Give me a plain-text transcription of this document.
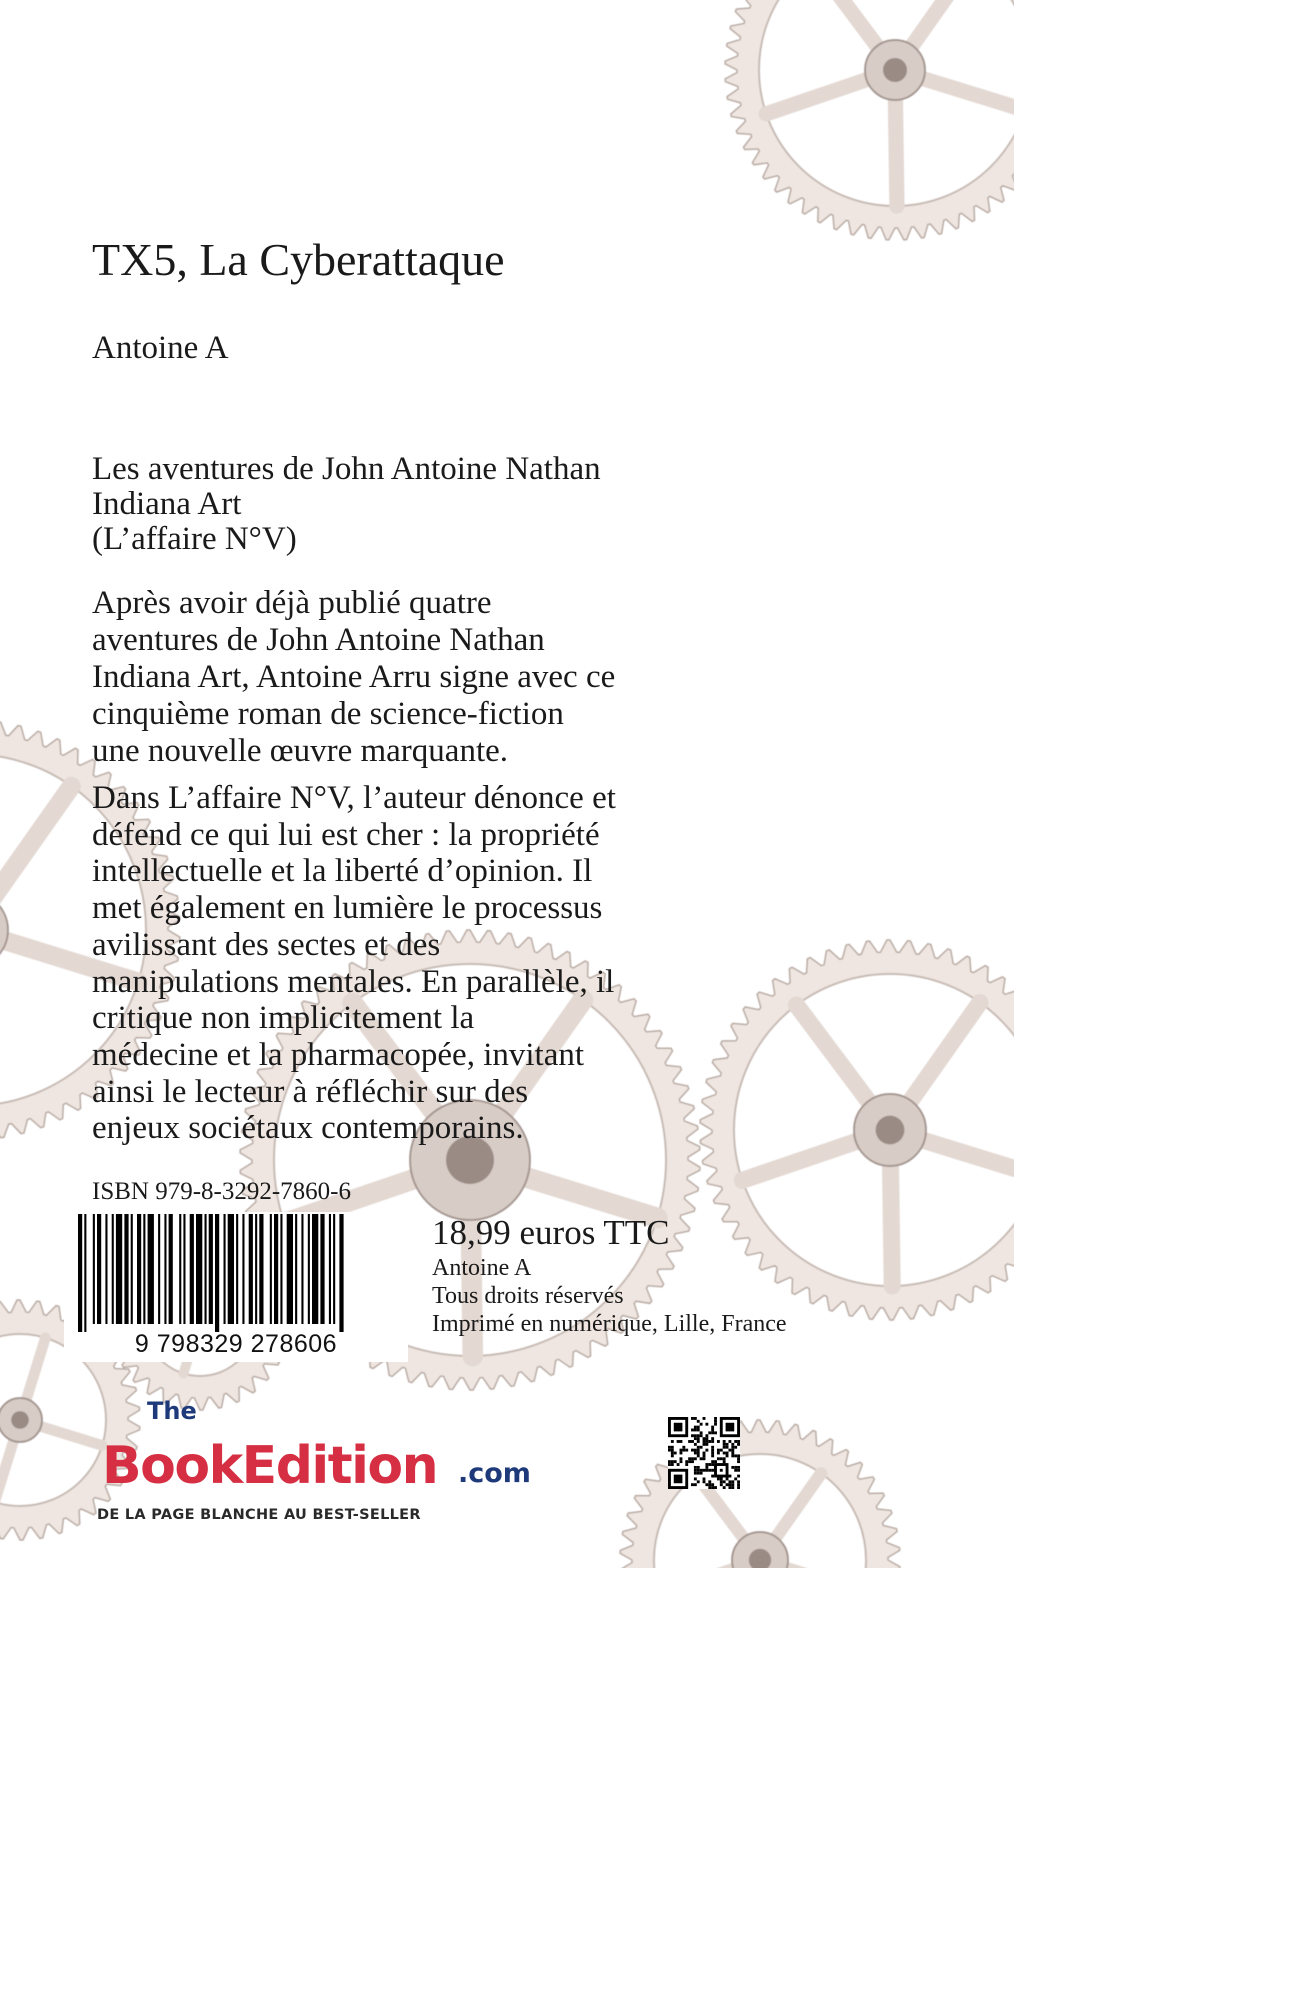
TX5, La Cyberattaque
Antoine A
Les aventures de John Antoine Nathan
Indiana Art
(L’affaire N°V)
Après avoir déjà publié quatre
aventures de John Antoine Nathan
Indiana Art, Antoine Arru signe avec ce
cinquième roman de science-fiction
une nouvelle œuvre marquante.
Dans L’affaire N°V, l’auteur dénonce et
défend ce qui lui est cher : la propriété
intellectuelle et la liberté d’opinion. Il
met également en lumière le processus
avilissant des sectes et des
manipulations mentales. En parallèle, il
critique non implicitement la
médecine et la pharmacopée, invitant
ainsi le lecteur à réfléchir sur des
enjeux sociétaux contemporains.
ISBN 979-8-3292-7860-6
9 798329 278606
18,99 euros TTC
Antoine A
Tous droits réservés
Imprimé en numérique, Lille, France
The
BookEdition .com
DE LA PAGE BLANCHE AU BEST-SELLER
